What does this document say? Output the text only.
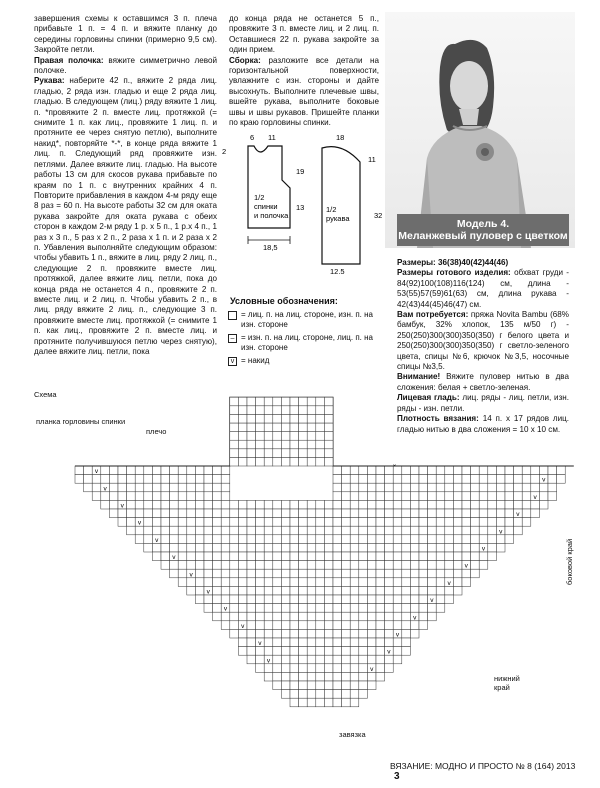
завершения схемы к оставшимся 3 п. плеча прибавьте 1 п. = 4 п. и вяжите планку до середины горловины спинки (примерно 9,5 см). Закройте петли.

Правая полочка: вяжите симметрично левой полочке.

Рукава: наберите 42 п., вяжите 2 ряда лиц. гладью, 2 ряда изн. гладью и еще 2 ряда лиц. гладью. В следующем (лиц.) ряду вяжите 1 лиц. п. *провяжите 2 п. вместе лиц. протяжкой (= снимите 1 п. как лиц., провяжите 1 лиц. п. и протяните ее через снятую петлю), выполните накид*, повторяйте *-*, в конце ряда вяжите 1 лиц. п. Следующий ряд провяжите изн. петлями. Далее вяжите лиц. гладью. На высоте работы 13 см для скосов рукава прибавьте по краям по 1 п. с внутренних крайних 4 п. Повторите прибавления в каждом 4-м ряду еще 8 раз = 60 п. На высоте работы 32 см для оката рукава закройте для оката рукава с обеих сторон в каждом 2-м ряду 1 р. х 5 п., 1 р.х 4 п., 1 раз х 3 п., 5 раз х 2 п., 2 раза х 1 п. и 2 раза х 2 п. Убавления выполняйте следующим образом: чтобы убавить 1 п., вяжите в лиц. ряду 2 лиц. п., следующие 2 п. провяжите вместе лиц. протяжкой, далее вяжите лиц. петли, пока до конца ряда не останется 4 п., провяжите 2 п. вместе лиц. и 2 лиц. п. Чтобы убавить 2 п., в лиц. ряду вяжите 2 лиц. п., следующие 3 п. провяжите вместе лиц. протяжкой (= снимите 1 п. как лиц., провяжите 2 п. вместе лиц. и протяните получившуюся петлю через снятую), далее вяжите лиц. петли, пока

до конца ряда не останется 5 п., провяжите 3 п. вместе лиц. и 2 лиц. п. Оставшиеся 22 п. рукава закройте за один прием.

Сборка: разложите все детали на горизонтальной поверхности, увлажните с изн. стороны и дайте высохнуть. Выполните плечевые швы, вшейте рукава, выполните боковые швы и швы рукавов. Пришейте планки по краю горловины спинки.

Модель 4.
Меланжевый пуловер с цветком

Размеры: 36(38)40(42)44(46)

Размеры готового изделия: обхват груди - 84(92)100(108)116(124) см, длина - 53(55)57(59)61(63) см, длина рукава - 42(43)44(45)46(47) см.

Вам потребуется: пряжа Novita Bambu (68% бамбук, 32% хлопок, 135 м/50 г) - 250(250)300(300)350(350) г белого цвета и 250(250)300(300)350(350) г светло-зеленого цвета, спицы №6, крючок №3,5, носочные спицы №3,5.

Внимание! Вяжите пуловер нитью в два сложения: белая + светло-зеленая.

Лицевая гладь: лиц. ряды - лиц. петли, изн. ряды - изн. петли.

Плотность вязания: 14 п. x 17 рядов лиц. гладью нитью в два сложения = 10 x 10 см.

18,5
6 11
2
19
13
1/2
спинки
и полочка
18
11
32
1/2
рукава
12,5
Условные обозначения:
= лиц. п. на лиц. стороне, изн. п. на изн. стороне
– = изн. п. на лиц. стороне, лиц. п. на изн. стороне
v = накид
Схема
планка горловины спинки
плечо
нижний край
завязка
боковой край
v
v
v
v
v
v
v
v
v
v
v
v
v
v
v
v
v
v
v
v
v
v
v
v
ВЯЗАНИЕ: МОДНО И ПРОСТО № 8 (164) 2013 3
